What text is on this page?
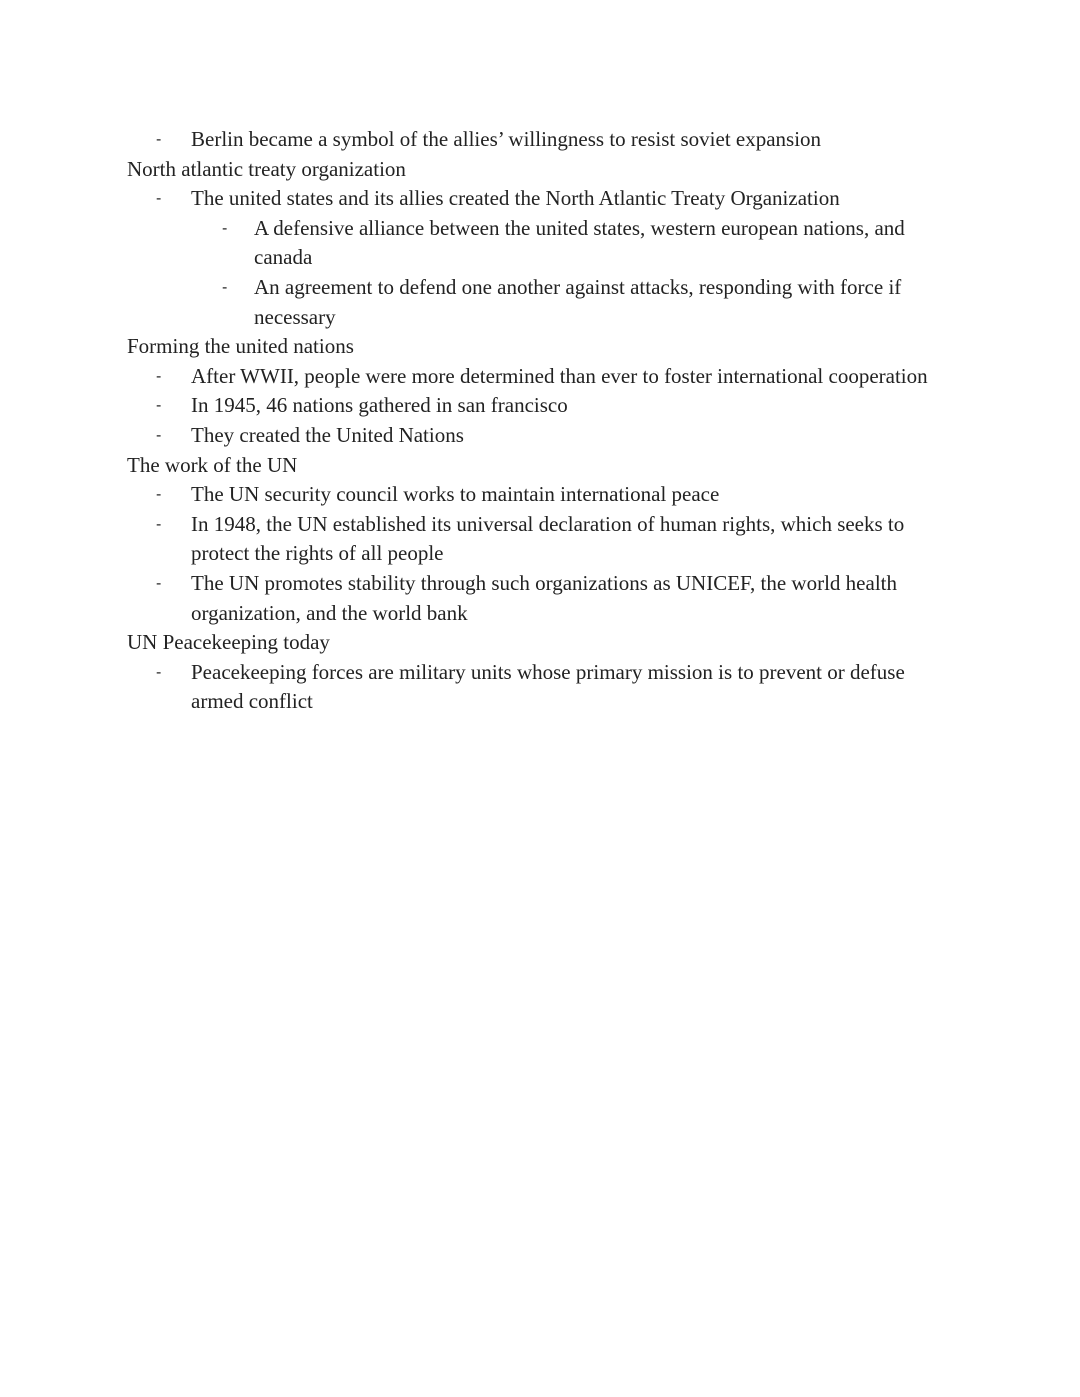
- Berlin became a symbol of the allies’ willingness to resist soviet expansion

North atlantic treaty organization

- The united states and its allies created the North Atlantic Treaty Organization
- A defensive alliance between the united states, western european nations, and canada
- An agreement to defend one another against attacks, responding with force if necessary

Forming the united nations

- After WWII, people were more determined than ever to foster international cooperation
- In 1945, 46 nations gathered in san francisco
- They created the United Nations

The work of the UN

- The UN security council works to maintain international peace
- In 1948, the UN established its universal declaration of human rights, which seeks to protect the rights of all people
- The UN promotes stability through such organizations as UNICEF, the world health organization, and the world bank

UN Peacekeeping today

- Peacekeeping forces are military units whose primary mission is to prevent or defuse armed conflict
